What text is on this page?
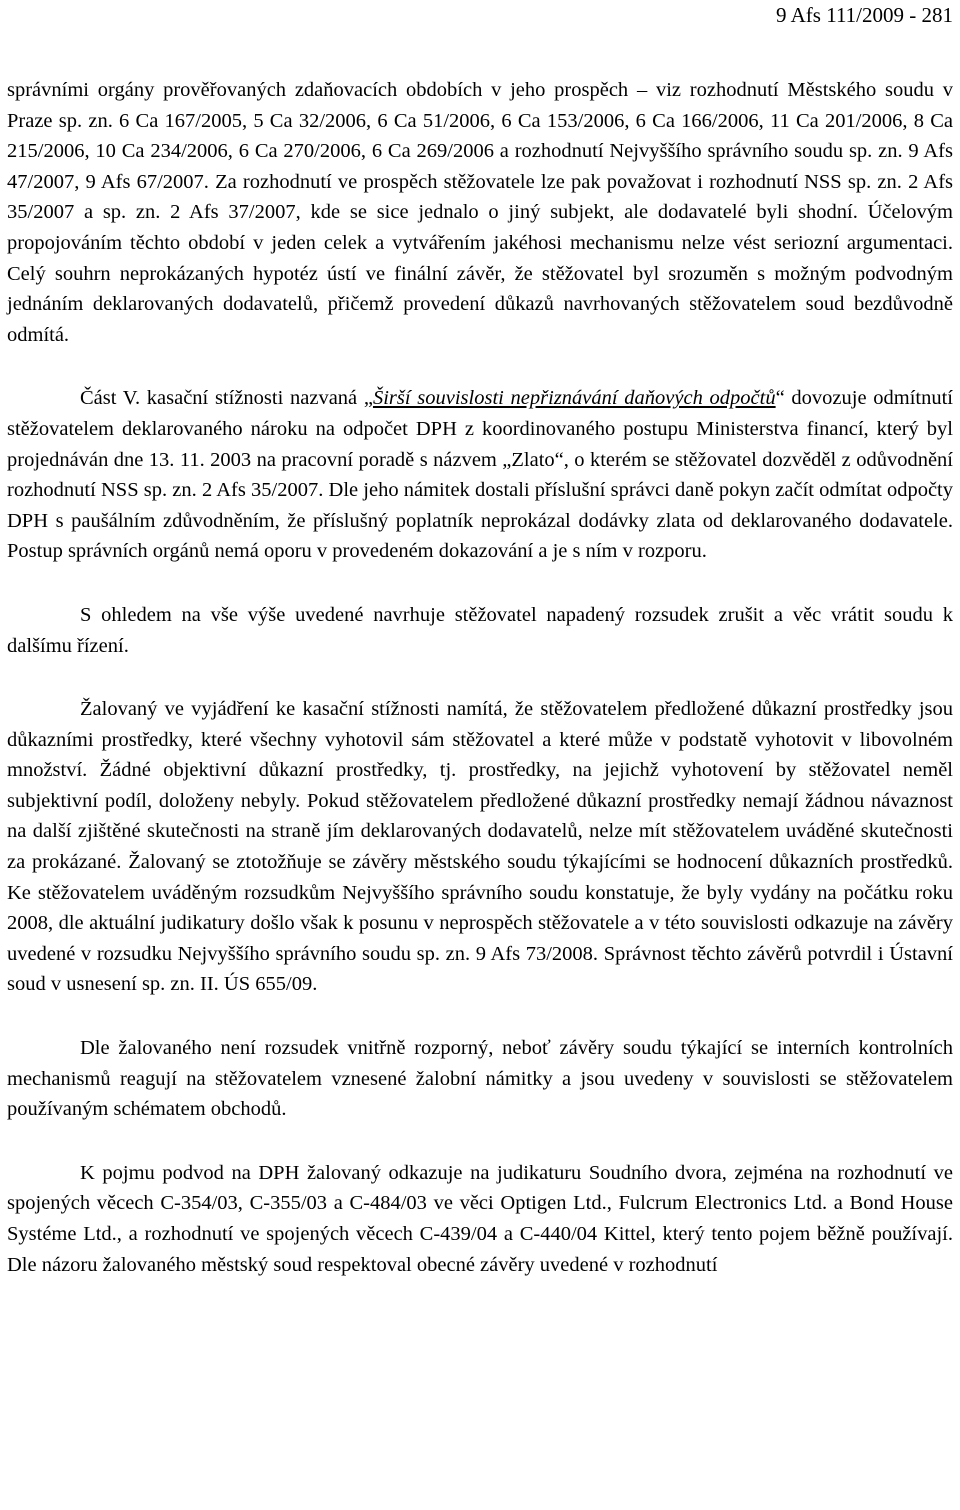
9 Afs 111/2009 - 281

správními orgány prověřovaných zdaňovacích obdobích v jeho prospěch – viz rozhodnutí Městského soudu v Praze sp. zn. 6 Ca 167/2005, 5 Ca 32/2006, 6 Ca 51/2006, 6 Ca 153/2006, 6 Ca 166/2006, 11 Ca 201/2006, 8 Ca 215/2006, 10 Ca 234/2006, 6 Ca 270/2006, 6 Ca 269/2006 a rozhodnutí Nejvyššího správního soudu sp. zn. 9 Afs 47/2007, 9 Afs 67/2007. Za rozhodnutí ve prospěch stěžovatele lze pak považovat i rozhodnutí NSS sp. zn. 2 Afs 35/2007 a sp. zn. 2 Afs 37/2007, kde se sice jednalo o jiný subjekt, ale dodavatelé byli shodní. Účelovým propojováním těchto období v jeden celek a vytvářením jakéhosi mechanismu nelze vést seriozní argumentaci. Celý souhrn neprokázaných hypotéz ústí ve finální závěr, že stěžovatel byl srozuměn s možným podvodným jednáním deklarovaných dodavatelů, přičemž provedení důkazů navrhovaných stěžovatelem soud bezdůvodně odmítá.

Část V. kasační stížnosti nazvaná „Širší souvislosti nepřiznávání daňových odpočtů“ dovozuje odmítnutí stěžovatelem deklarovaného nároku na odpočet DPH z koordinovaného postupu Ministerstva financí, který byl projednáván dne 13. 11. 2003 na pracovní poradě s názvem „Zlato“, o kterém se stěžovatel dozvěděl z odůvodnění rozhodnutí NSS sp. zn. 2 Afs 35/2007. Dle jeho námitek dostali příslušní správci daně pokyn začít odmítat odpočty DPH s paušálním zdůvodněním, že příslušný poplatník neprokázal dodávky zlata od deklarovaného dodavatele. Postup správních orgánů nemá oporu v provedeném dokazování a je s ním v rozporu.

S ohledem na vše výše uvedené navrhuje stěžovatel napadený rozsudek zrušit a věc vrátit soudu k dalšímu řízení.

Žalovaný ve vyjádření ke kasační stížnosti namítá, že stěžovatelem předložené důkazní prostředky jsou důkazními prostředky, které všechny vyhotovil sám stěžovatel a které může v podstatě vyhotovit v libovolném množství. Žádné objektivní důkazní prostředky, tj. prostředky, na jejichž vyhotovení by stěžovatel neměl subjektivní podíl, doloženy nebyly. Pokud stěžovatelem předložené důkazní prostředky nemají žádnou návaznost na další zjištěné skutečnosti na straně jím deklarovaných dodavatelů, nelze mít stěžovatelem uváděné skutečnosti za prokázané. Žalovaný se ztotožňuje se závěry městského soudu týkajícími se hodnocení důkazních prostředků. Ke stěžovatelem uváděným rozsudkům Nejvyššího správního soudu konstatuje, že byly vydány na počátku roku 2008, dle aktuální judikatury došlo však k posunu v neprospěch stěžovatele a v této souvislosti odkazuje na závěry uvedené v rozsudku Nejvyššího správního soudu sp. zn. 9 Afs 73/2008. Správnost těchto závěrů potvrdil i Ústavní soud v usnesení sp. zn. II. ÚS 655/09.

Dle žalovaného není rozsudek vnitřně rozporný, neboť závěry soudu týkající se interních kontrolních mechanismů reagují na stěžovatelem vznesené žalobní námitky a jsou uvedeny v souvislosti se stěžovatelem používaným schématem obchodů.

K pojmu podvod na DPH žalovaný odkazuje na judikaturu Soudního dvora, zejména na rozhodnutí ve spojených věcech C-354/03, C-355/03 a C-484/03 ve věci Optigen Ltd., Fulcrum Electronics Ltd. a Bond House Systéme Ltd., a rozhodnutí ve spojených věcech C-439/04 a C-440/04 Kittel, který tento pojem běžně používají. Dle názoru žalovaného městský soud respektoval obecné závěry uvedené v rozhodnutí
